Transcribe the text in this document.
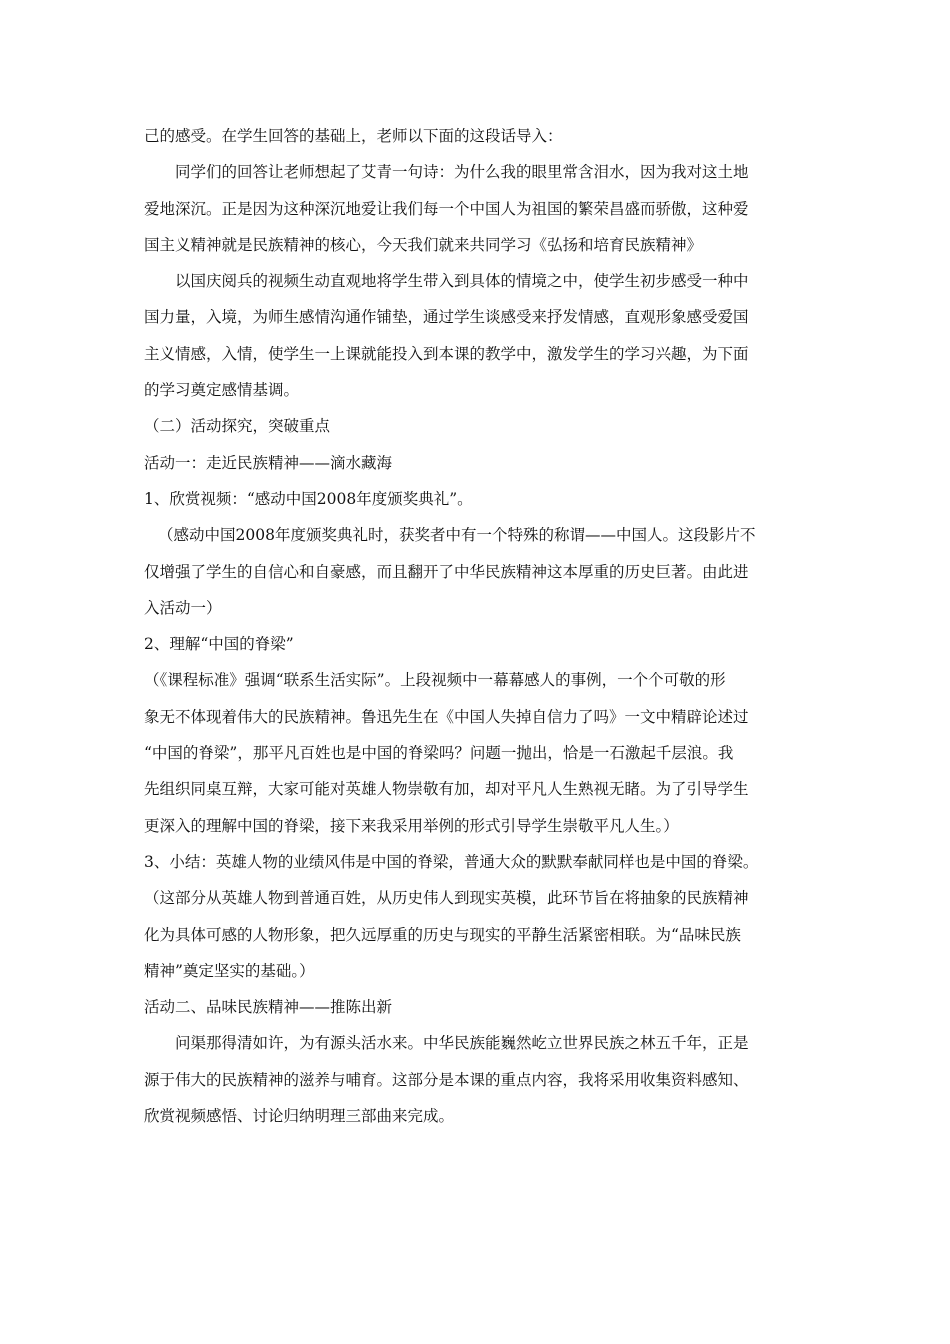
己的感受。在学生回答的基础上，老师以下面的这段话导入：
同学们的回答让老师想起了艾青一句诗：为什么我的眼里常含泪水，因为我对这土地
爱地深沉。正是因为这种深沉地爱让我们每一个中国人为祖国的繁荣昌盛而骄傲，这种爱
国主义精神就是民族精神的核心，今天我们就来共同学习《弘扬和培育民族精神》
以国庆阅兵的视频生动直观地将学生带入到具体的情境之中，使学生初步感受一种中
国力量，入境，为师生感情沟通作铺垫，通过学生谈感受来抒发情感，直观形象感受爱国
主义情感，入情，使学生一上课就能投入到本课的教学中，激发学生的学习兴趣，为下面
的学习奠定感情基调。
（二）活动探究，突破重点
活动一：走近民族精神——滴水藏海
1、欣赏视频：“感动中国2008年度颁奖典礼”。
（感动中国2008年度颁奖典礼时，获奖者中有一个特殊的称谓——中国人。这段影片不
仅增强了学生的自信心和自豪感，而且翻开了中华民族精神这本厚重的历史巨著。由此进
入活动一）
2、理解“中国的脊梁”
（《课程标准》强调“联系生活实际”。上段视频中一幕幕感人的事例，一个个可敬的形
象无不体现着伟大的民族精神。鲁迅先生在《中国人失掉自信力了吗》一文中精辟论述过
“中国的脊梁”，那平凡百姓也是中国的脊梁吗？问题一抛出，恰是一石激起千层浪。我
先组织同桌互辩，大家可能对英雄人物崇敬有加，却对平凡人生熟视无睹。为了引导学生
更深入的理解中国的脊梁，接下来我采用举例的形式引导学生崇敬平凡人生。）
3、小结：英雄人物的业绩风伟是中国的脊梁，普通大众的默默奉献同样也是中国的脊梁。
（这部分从英雄人物到普通百姓，从历史伟人到现实英模，此环节旨在将抽象的民族精神
化为具体可感的人物形象，把久远厚重的历史与现实的平静生活紧密相联。为“品味民族
精神”奠定坚实的基础。）
活动二、品味民族精神——推陈出新
问渠那得清如许，为有源头活水来。中华民族能巍然屹立世界民族之林五千年，正是
源于伟大的民族精神的滋养与哺育。这部分是本课的重点内容，我将采用收集资料感知、
欣赏视频感悟、讨论归纳明理三部曲来完成。
